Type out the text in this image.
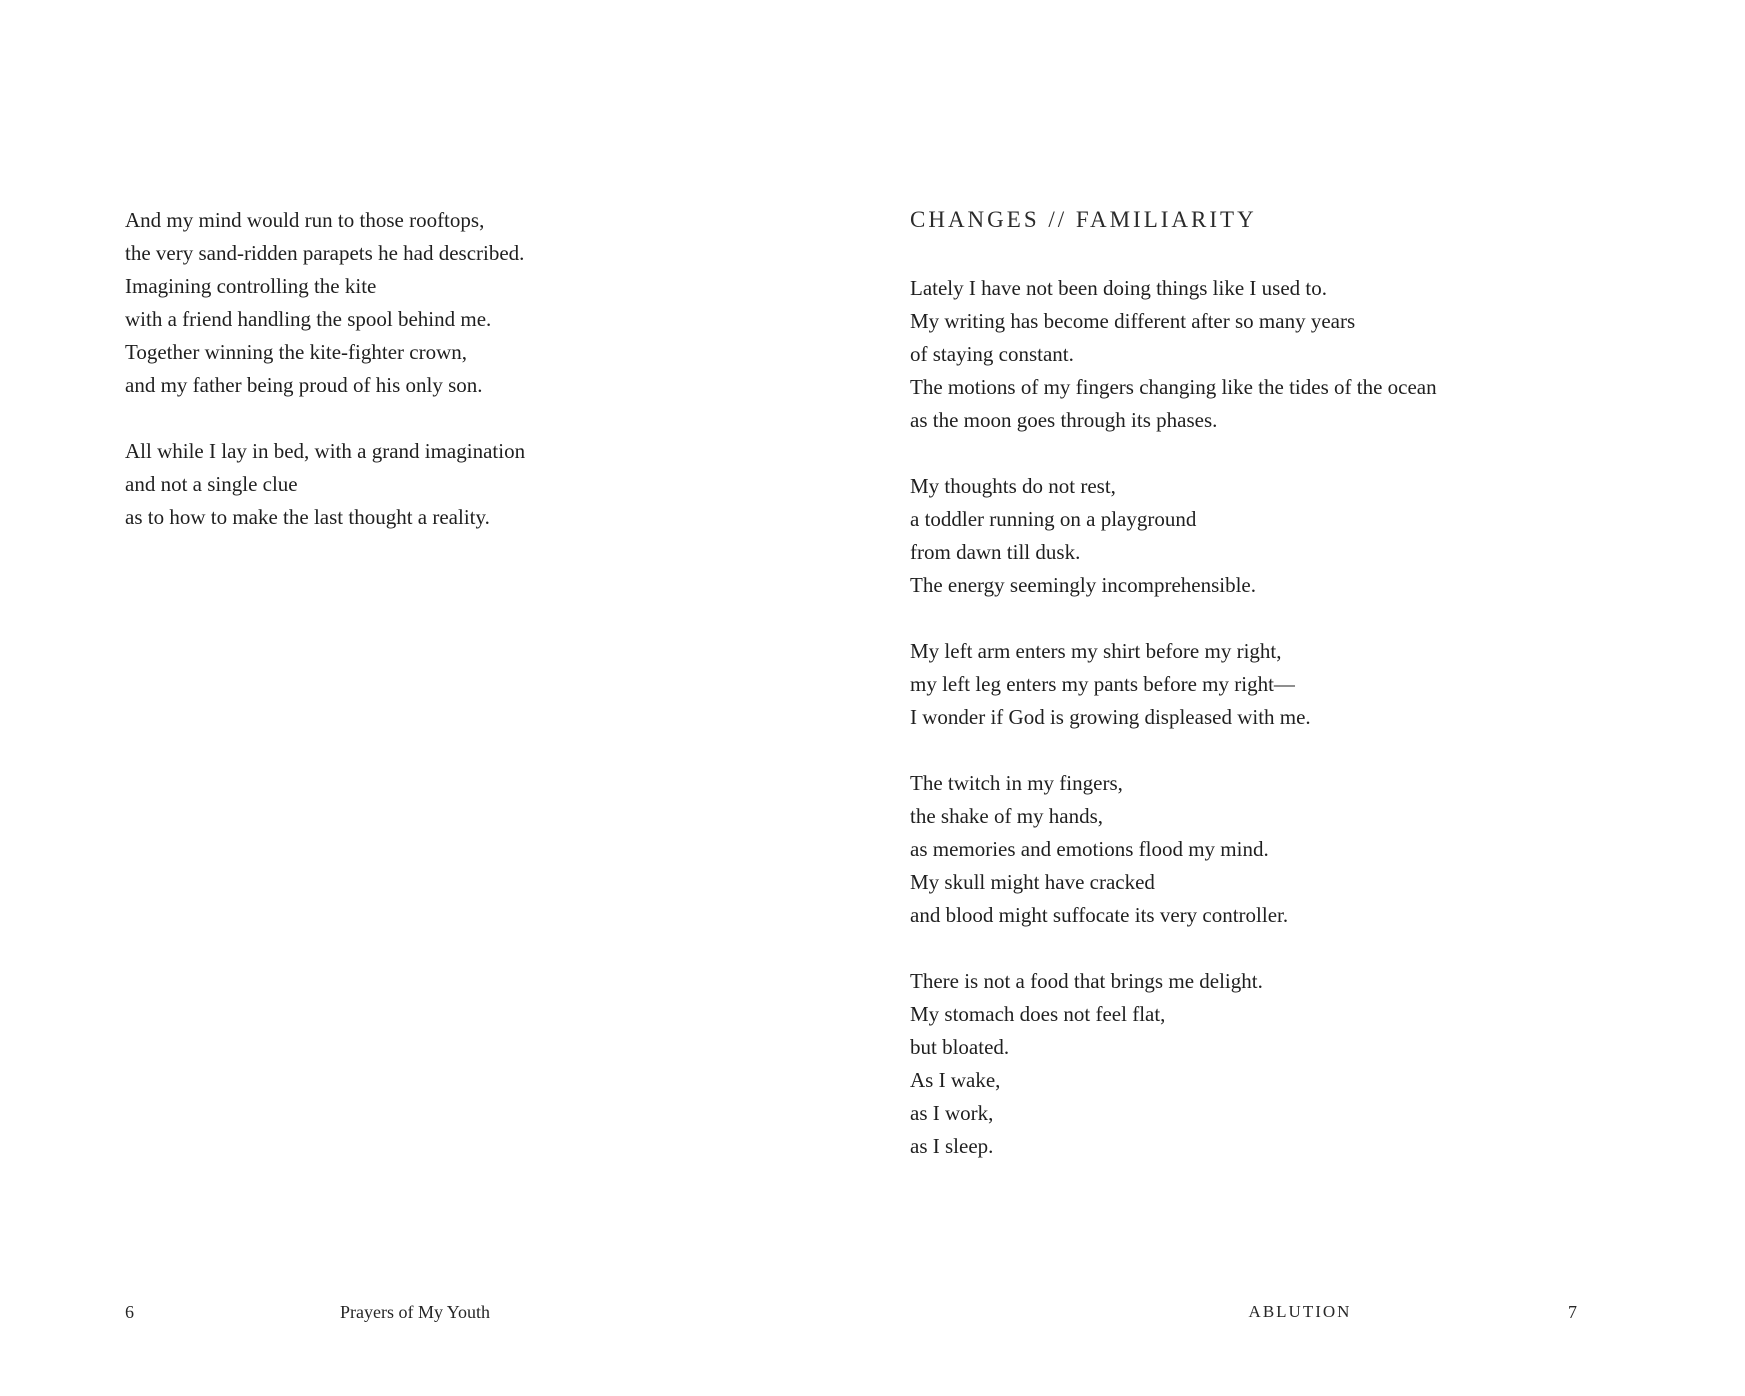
And my mind would run to those rooftops,
the very sand-ridden parapets he had described.
Imagining controlling the kite
with a friend handling the spool behind me.
Together winning the kite-fighter crown,
and my father being proud of his only son.
All while I lay in bed, with a grand imagination
and not a single clue
as to how to make the last thought a reality.
6	Prayers of My Youth
CHANGES // FAMILIARITY
Lately I have not been doing things like I used to.
My writing has become different after so many years
of staying constant.
The motions of my fingers changing like the tides of the ocean
as the moon goes through its phases.
My thoughts do not rest,
a toddler running on a playground
from dawn till dusk.
The energy seemingly incomprehensible.
My left arm enters my shirt before my right,
my left leg enters my pants before my right—
I wonder if God is growing displeased with me.
The twitch in my fingers,
the shake of my hands,
as memories and emotions flood my mind.
My skull might have cracked
and blood might suffocate its very controller.
There is not a food that brings me delight.
My stomach does not feel flat,
but bloated.
As I wake,
as I work,
as I sleep.
ABLUTION	7
